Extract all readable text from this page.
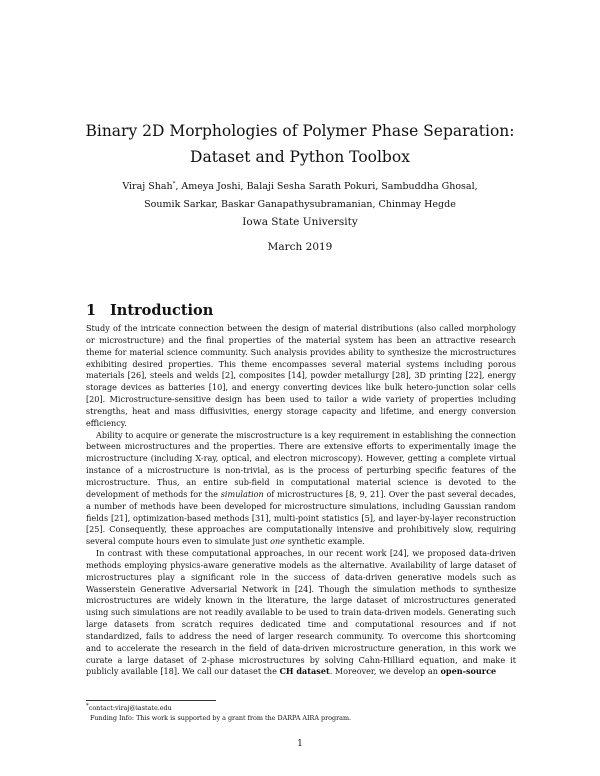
Binary 2D Morphologies of Polymer Phase Separation:
Dataset and Python Toolbox
Viraj Shah*, Ameya Joshi, Balaji Sesha Sarath Pokuri, Sambuddha Ghosal,
Soumik Sarkar, Baskar Ganapathysubramanian, Chinmay Hegde
Iowa State University
March 2019
1 Introduction

Study of the intricate connection between the design of material distributions (also called morphology or microstructure) and the final properties of the material system has been an attractive research theme for material science community. Such analysis provides ability to synthesize the microstructures exhibiting desired properties. This theme encompasses several material systems including porous materials [26], steels and welds [2], composites [14], powder metallurgy [28], 3D printing [22], energy storage devices as batteries [10], and energy converting devices like bulk hetero-junction solar cells [20]. Microstructure-sensitive design has been used to tailor a wide variety of properties including strengths, heat and mass diffusivities, energy storage capacity and lifetime, and energy conversion efficiency.

Ability to acquire or generate the miscrostructure is a key requirement in establishing the connection between microstructures and the properties. There are extensive efforts to experimentally image the microstructure (including X-ray, optical, and electron microscopy). However, getting a complete virtual instance of a microstructure is non-trivial, as is the process of perturbing specific features of the microstructure. Thus, an entire sub-field in computational material science is devoted to the development of methods for the simulation of microstructures [8, 9, 21]. Over the past several decades, a number of methods have been developed for microstructure simulations, including Gaussian random fields [21], optimization-based methods [31], multi-point statistics [5], and layer-by-layer reconstruction [25]. Consequently, these approaches are computationally intensive and prohibitively slow, requiring several compute hours even to simulate just one synthetic example.

In contrast with these computational approaches, in our recent work [24], we proposed data-driven methods employing physics-aware generative models as the alternative. Availability of large dataset of microstructures play a significant role in the success of data-driven generative models such as Wasserstein Generative Adversarial Network in [24]. Though the simulation methods to synthesize microstructures are widely known in the literature, the large dataset of microstructures generated using such simulations are not readily available to be used to train data-driven models. Generating such large datasets from scratch requires dedicated time and computational resources and if not standardized, fails to address the need of larger research community. To overcome this shortcoming and to accelerate the research in the field of data-driven microstructure generation, in this work we curate a large dataset of 2-phase microstructures by solving Cahn-Hilliard equation, and make it publicly available [18]. We call our dataset the CH dataset. Moreover, we develop an open-source

*contact:viraj@iastate.edu
Funding Info: This work is supported by a grant from the DARPA AIRA program.
1
